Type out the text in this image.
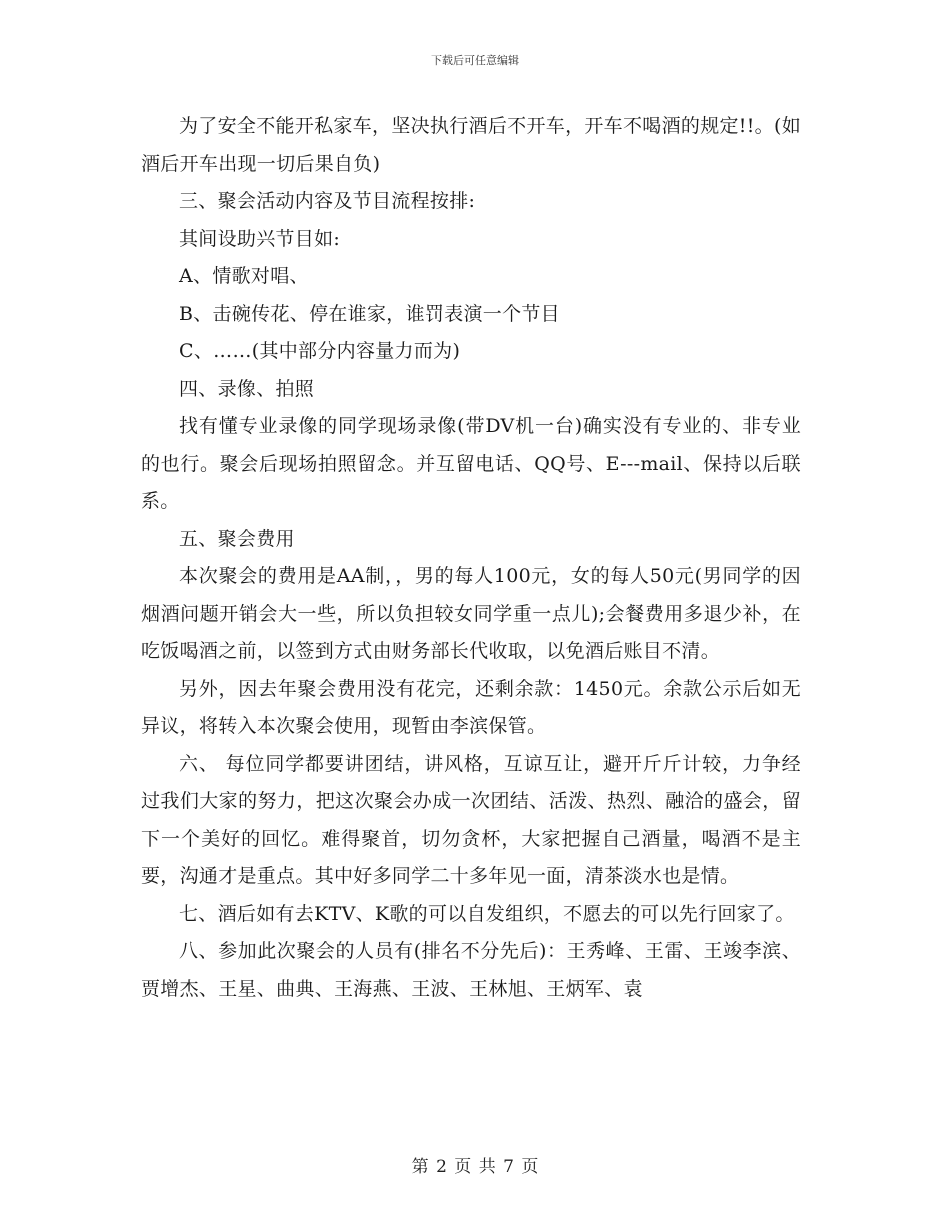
下载后可任意编辑

为了安全不能开私家车，坚决执行酒后不开车，开车不喝酒的规定!!。(如酒后开车出现一切后果自负)

三、聚会活动内容及节目流程按排:

其间设助兴节目如:

A、情歌对唱、

B、击碗传花、停在谁家，谁罚表演一个节目

C、……(其中部分内容量力而为)

四、录像、拍照

找有懂专业录像的同学现场录像(带DV机一台)确实没有专业的、非专业的也行。聚会后现场拍照留念。并互留电话、QQ号、E---mail、保持以后联系。

五、聚会费用

本次聚会的费用是AA制，，男的每人100元，女的每人50元(男同学的因烟酒问题开销会大一些，所以负担较女同学重一点儿);会餐费用多退少补，在吃饭喝酒之前，以签到方式由财务部长代收取，以免酒后账目不清。

另外，因去年聚会费用没有花完，还剩余款：1450元。余款公示后如无异议，将转入本次聚会使用，现暂由李滨保管。

六、 每位同学都要讲团结，讲风格，互谅互让，避开斤斤计较，力争经过我们大家的努力，把这次聚会办成一次团结、活泼、热烈、融洽的盛会，留下一个美好的回忆。难得聚首，切勿贪杯，大家把握自己酒量，喝酒不是主要，沟通才是重点。其中好多同学二十多年见一面，清茶淡水也是情。

七、酒后如有去KTV、K歌的可以自发组织，不愿去的可以先行回家了。

八、参加此次聚会的人员有(排名不分先后)：王秀峰、王雷、王竣李滨、贾增杰、王星、曲典、王海燕、王波、王林旭、王炳军、袁

第 2 页 共 7 页
